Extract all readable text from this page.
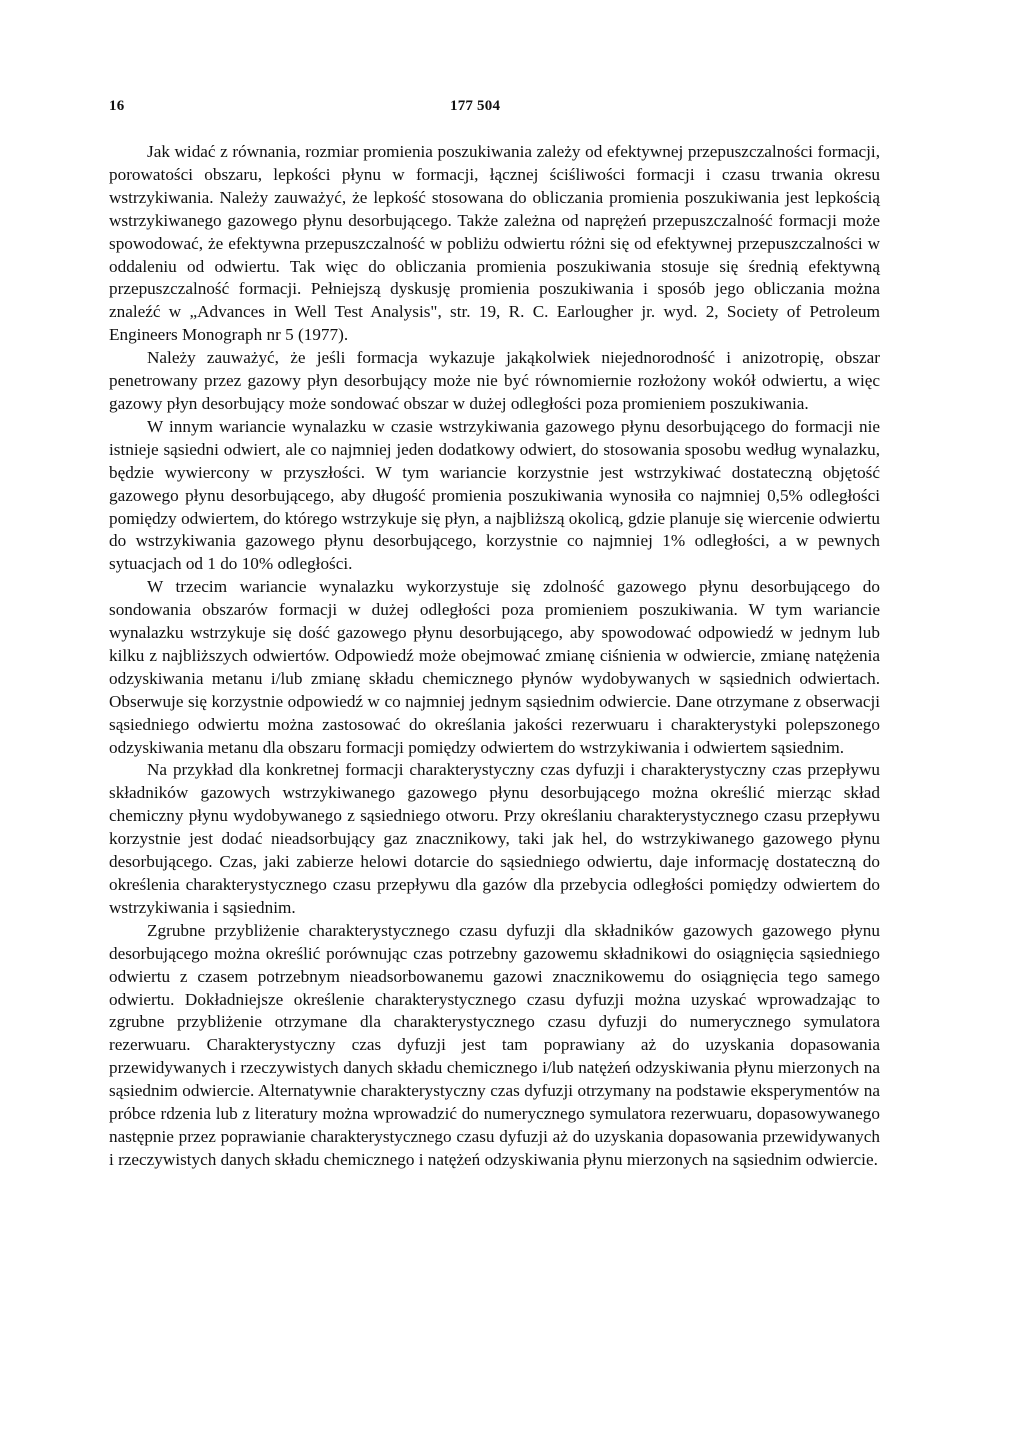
16	177 504

Jak widać z równania, rozmiar promienia poszukiwania zależy od efektywnej przepuszczalności formacji, porowatości obszaru, lepkości płynu w formacji, łącznej ściśliwości formacji i czasu trwania okresu wstrzykiwania. Należy zauważyć, że lepkość stosowana do obliczania promienia poszukiwania jest lepkością wstrzykiwanego gazowego płynu desorbującego. Także zależna od naprężeń przepuszczalność formacji może spowodować, że efektywna przepuszczalność w pobliżu odwiertu różni się od efektywnej przepuszczalności w oddaleniu od odwiertu. Tak więc do obliczania promienia poszukiwania stosuje się średnią efektywną przepuszczalność formacji. Pełniejszą dyskusję promienia poszukiwania i sposób jego obliczania można znaleźć w „Advances in Well Test Analysis", str. 19, R. C. Earlougher jr. wyd. 2, Society of Petroleum Engineers Monograph nr 5 (1977).

Należy zauważyć, że jeśli formacja wykazuje jakąkolwiek niejednorodność i anizotropię, obszar penetrowany przez gazowy płyn desorbujący może nie być równomiernie rozłożony wokół odwiertu, a więc gazowy płyn desorbujący może sondować obszar w dużej odległości poza promieniem poszukiwania.

W innym wariancie wynalazku w czasie wstrzykiwania gazowego płynu desorbującego do formacji nie istnieje sąsiedni odwiert, ale co najmniej jeden dodatkowy odwiert, do stosowania sposobu według wynalazku, będzie wywiercony w przyszłości. W tym wariancie korzystnie jest wstrzykiwać dostateczną objętość gazowego płynu desorbującego, aby długość promienia poszukiwania wynosiła co najmniej 0,5% odległości pomiędzy odwiertem, do którego wstrzykuje się płyn, a najbliższą okolicą, gdzie planuje się wiercenie odwiertu do wstrzykiwania gazowego płynu desorbującego, korzystnie co najmniej 1% odległości, a w pewnych sytuacjach od 1 do 10% odległości.

W trzecim wariancie wynalazku wykorzystuje się zdolność gazowego płynu desorbującego do sondowania obszarów formacji w dużej odległości poza promieniem poszukiwania. W tym wariancie wynalazku wstrzykuje się dość gazowego płynu desorbującego, aby spowodować odpowiedź w jednym lub kilku z najbliższych odwiertów. Odpowiedź może obejmować zmianę ciśnienia w odwiercie, zmianę natężenia odzyskiwania metanu i/lub zmianę składu chemicznego płynów wydobywanych w sąsiednich odwiertach. Obserwuje się korzystnie odpowiedź w co najmniej jednym sąsiednim odwiercie. Dane otrzymane z obserwacji sąsiedniego odwiertu można zastosować do określania jakości rezerwuaru i charakterystyki polepszonego odzyskiwania metanu dla obszaru formacji pomiędzy odwiertem do wstrzykiwania i odwiertem sąsiednim.

Na przykład dla konkretnej formacji charakterystyczny czas dyfuzji i charakterystyczny czas przepływu składników gazowych wstrzykiwanego gazowego płynu desorbującego można określić mierząc skład chemiczny płynu wydobywanego z sąsiedniego otworu. Przy określaniu charakterystycznego czasu przepływu korzystnie jest dodać nieadsorbujący gaz znacznikowy, taki jak hel, do wstrzykiwanego gazowego płynu desorbującego. Czas, jaki zabierze helowi dotarcie do sąsiedniego odwiertu, daje informację dostateczną do określenia charakterystycznego czasu przepływu dla gazów dla przebycia odległości pomiędzy odwiertem do wstrzykiwania i sąsiednim.

Zgrubne przybliżenie charakterystycznego czasu dyfuzji dla składników gazowych gazowego płynu desorbującego można określić porównując czas potrzebny gazowemu składnikowi do osiągnięcia sąsiedniego odwiertu z czasem potrzebnym nieadsorbowanemu gazowi znacznikowemu do osiągnięcia tego samego odwiertu. Dokładniejsze określenie charakterystycznego czasu dyfuzji można uzyskać wprowadzając to zgrubne przybliżenie otrzymane dla charakterystycznego czasu dyfuzji do numerycznego symulatora rezerwuaru. Charakterystyczny czas dyfuzji jest tam poprawiany aż do uzyskania dopasowania przewidywanych i rzeczywistych danych składu chemicznego i/lub natężeń odzyskiwania płynu mierzonych na sąsiednim odwiercie. Alternatywnie charakterystyczny czas dyfuzji otrzymany na podstawie eksperymentów na próbce rdzenia lub z literatury można wprowadzić do numerycznego symulatora rezerwuaru, dopasowywanego następnie przez poprawianie charakterystycznego czasu dyfuzji aż do uzyskania dopasowania przewidywanych i rzeczywistych danych składu chemicznego i natężeń odzyskiwania płynu mierzonych na sąsiednim odwiercie.
